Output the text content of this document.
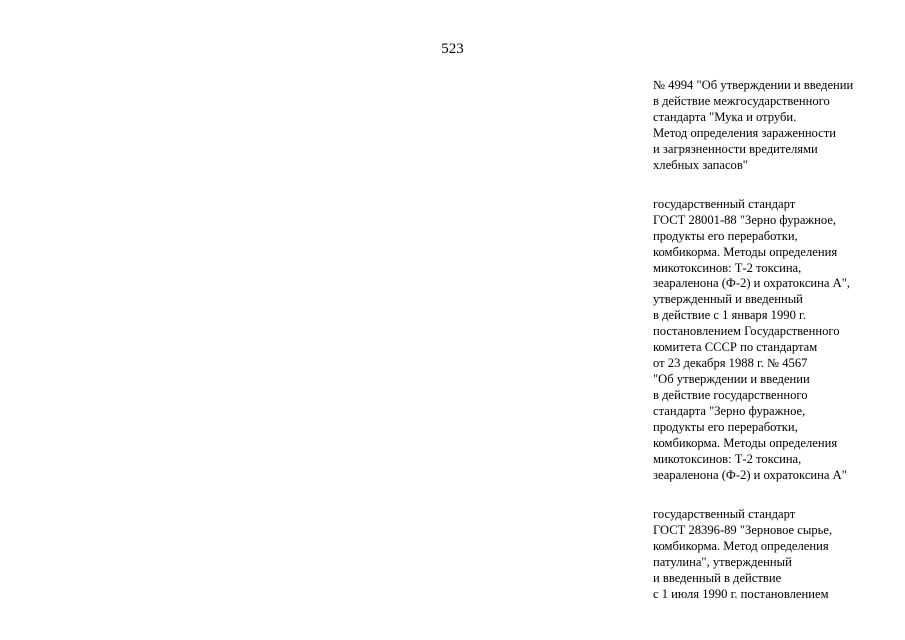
523

№ 4994 "Об утверждении и введении
в действие межгосударственного
стандарта "Мука и отруби.
Метод определения зараженности
и загрязненности вредителями
хлебных запасов"

государственный стандарт
ГОСТ 28001-88 "Зерно фуражное,
продукты его переработки,
комбикорма. Методы определения
микотоксинов: Т-2 токсина,
зеараленона (Ф-2) и охратоксина А",
утвержденный и введенный
в действие с 1 января 1990 г.
постановлением Государственного
комитета СССР по стандартам
от 23 декабря 1988 г. № 4567
"Об утверждении и введении
в действие государственного
стандарта "Зерно фуражное,
продукты его переработки,
комбикорма. Методы определения
микотоксинов: Т-2 токсина,
зеараленона (Ф-2) и охратоксина А"

государственный стандарт
ГОСТ 28396-89 "Зерновое сырье,
комбикорма. Метод определения
патулина", утвержденный
и введенный в действие
с 1 июля 1990 г. постановлением
